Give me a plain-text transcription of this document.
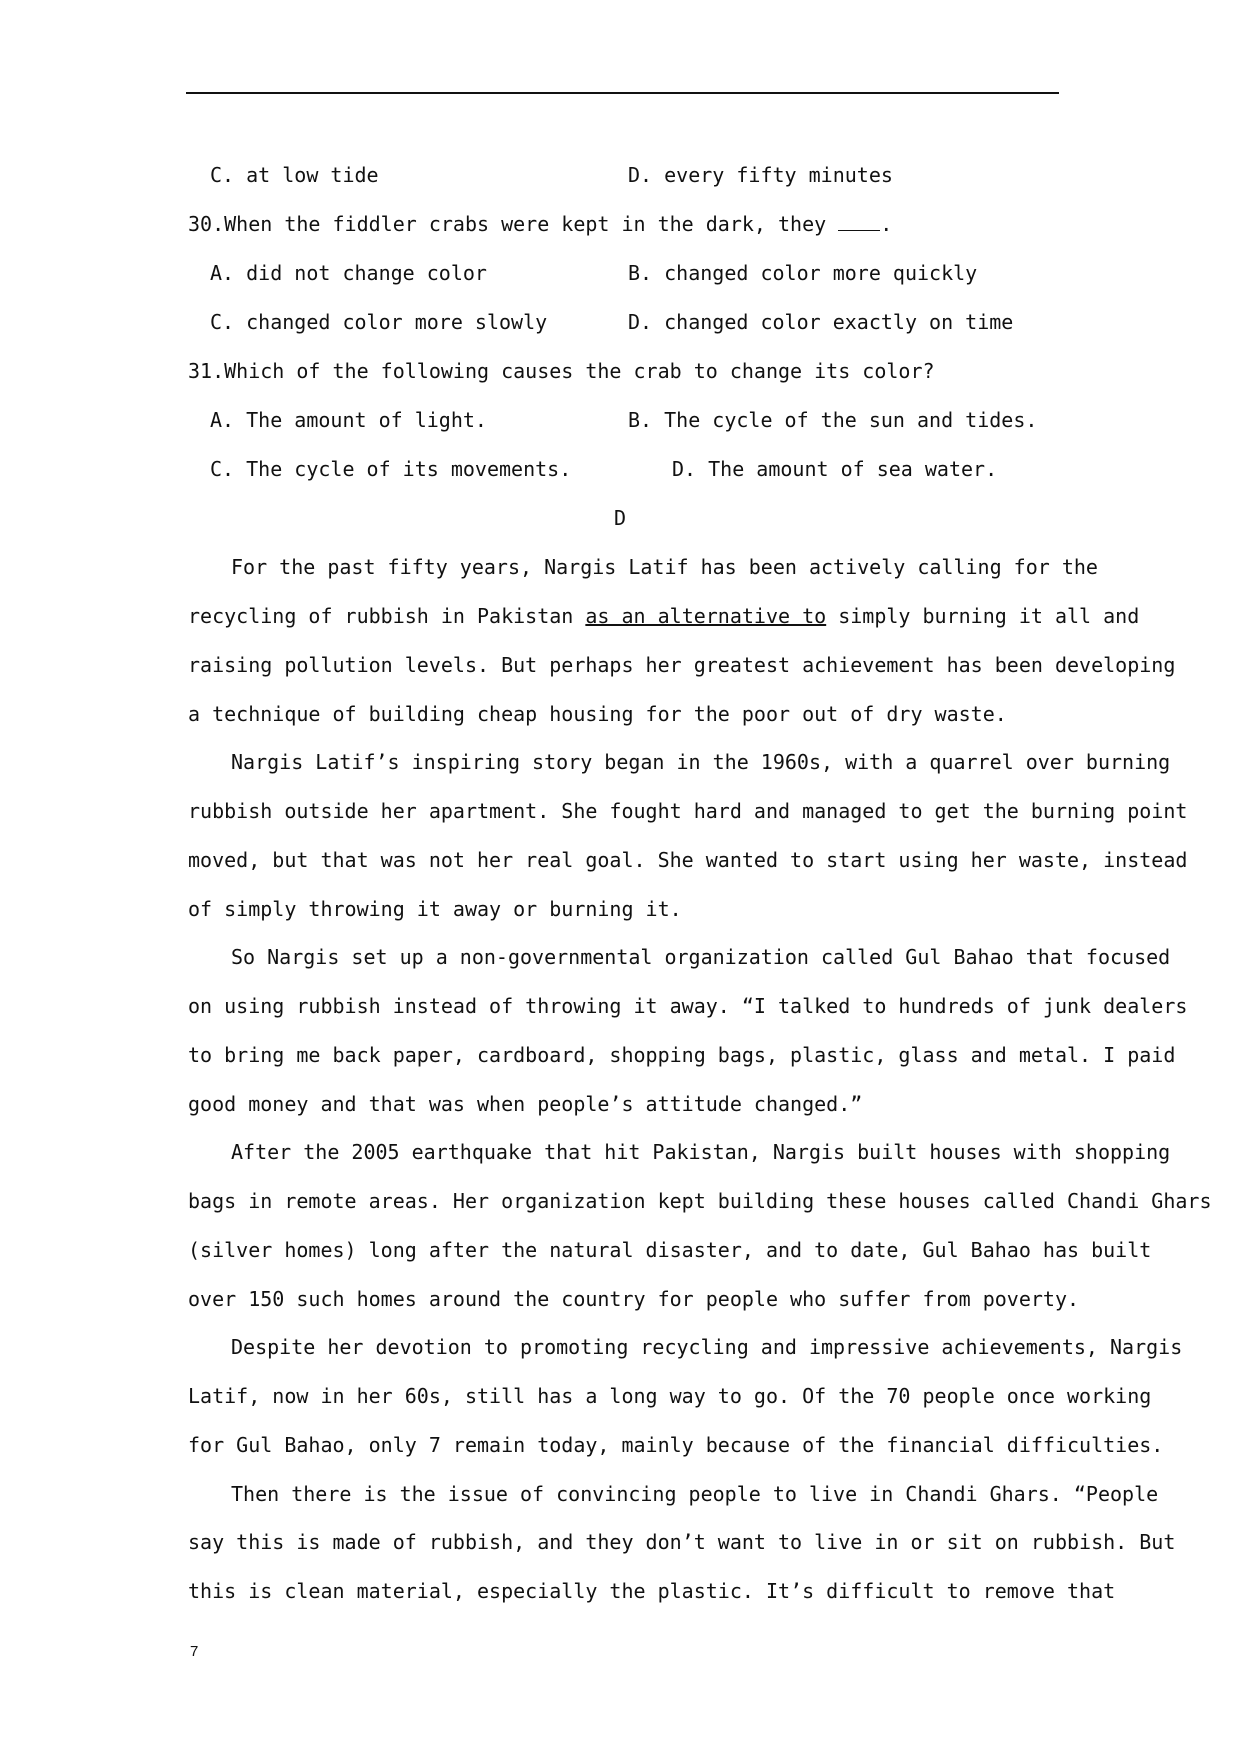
C. at low tide	D. every fifty minutes
30.When the fiddler crabs were kept in the dark, they .
A. did not change color	B. changed color more quickly
C. changed color more slowly	D. changed color exactly on time
31.Which of the following causes the crab to change its color?
A. The amount of light.	B. The cycle of the sun and tides.
C. The cycle of its movements.	D. The amount of sea water.
D
For the past fifty years, Nargis Latif has been actively calling for the
recycling of rubbish in Pakistan as an alternative to simply burning it all and
raising pollution levels. But perhaps her greatest achievement has been developing
a technique of building cheap housing for the poor out of dry waste.
Nargis Latif’s inspiring story began in the 1960s, with a quarrel over burning
rubbish outside her apartment. She fought hard and managed to get the burning point
moved, but that was not her real goal. She wanted to start using her waste, instead
of simply throwing it away or burning it.
So Nargis set up a non-governmental organization called Gul Bahao that focused
on using rubbish instead of throwing it away. “I talked to hundreds of junk dealers
to bring me back paper, cardboard, shopping bags, plastic, glass and metal. I paid
good money and that was when people’s attitude changed.”
After the 2005 earthquake that hit Pakistan, Nargis built houses with shopping
bags in remote areas. Her organization kept building these houses called Chandi Ghars
(silver homes) long after the natural disaster, and to date, Gul Bahao has built
over 150 such homes around the country for people who suffer from poverty.
Despite her devotion to promoting recycling and impressive achievements, Nargis
Latif, now in her 60s, still has a long way to go. Of the 70 people once working
for Gul Bahao, only 7 remain today, mainly because of the financial difficulties.
Then there is the issue of convincing people to live in Chandi Ghars. “People
say this is made of rubbish, and they don’t want to live in or sit on rubbish. But
this is clean material, especially the plastic. It’s difficult to remove that
7
